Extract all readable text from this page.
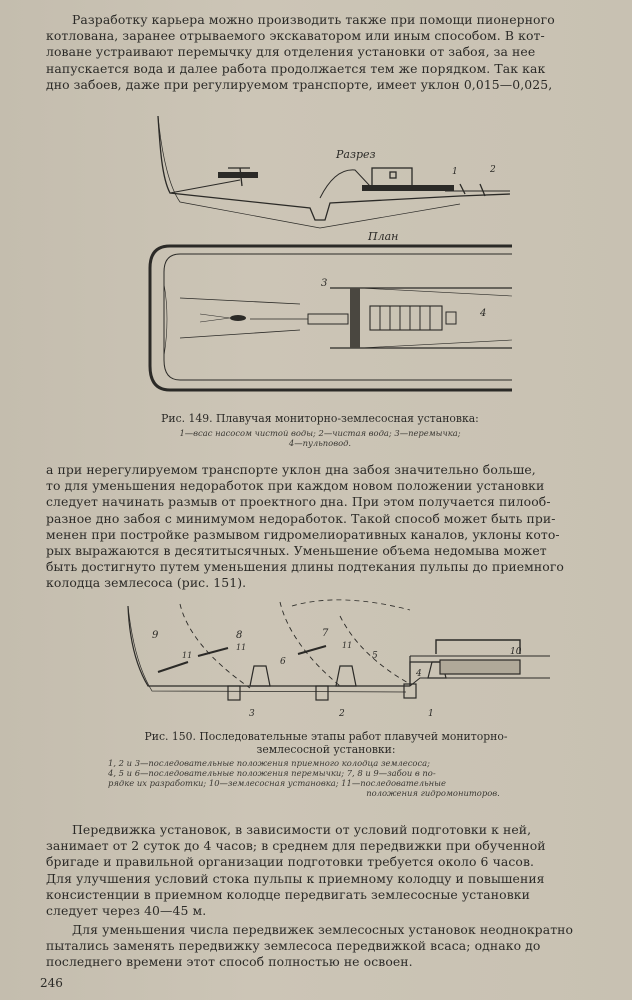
Разработку карьера можно производить также при помощи пионерного
котлована, заранее отрываемого экскаватором или иным способом. В кот-
ловане устраивают перемычку для отделения установки от забоя, за нее
напускается вода и далее работа продолжается тем же порядком. Так как
дно забоев, даже при регулируемом транспорте, имеет уклон 0,015—0,025,

Разрез
1	2
План
3
4

Рис. 149. Плавучая мониторно-землесосная установка:

1—всас насосом чистой воды; 2—чистая вода; 3—перемычка;
4—пульповод.

а при нерегулируемом транспорте уклон дна забоя значительно больше,
то для уменьшения недоработок при каждом новом положении установки
следует начинать размыв от проектного дна. При этом получается пилооб-
разное дно забоя с минимумом недоработок. Такой способ может быть при-
менен при постройке размывом гидромелиоративных каналов, уклоны кото-
рых выражаются в десятитысячных. Уменьшение объема недомыва может
быть достигнуто путем уменьшения длины подтекания пульпы до приемного
колодца землесоса (рис. 151).

9	8	7
11
11	11
6
5
4
10
3	2	1

Рис. 150. Последовательные этапы работ плавучей мониторно-
землесосной установки:

1, 2 и 3—последовательные положения приемного колодца землесоса;
4, 5 и 6—последовательные положения перемычки; 7, 8 и 9—забои в по-
рядке их разработки; 10—землесосная установка; 11—последовательные
положения гидромониторов.

Передвижка установок, в зависимости от условий подготовки к ней,
занимает от 2 суток до 4 часов; в среднем для передвижки при обученной
бригаде и правильной организации подготовки требуется около 6 часов.
Для улучшения условий стока пульпы к приемному колодцу и повышения
консистенции в приемном колодце передвигать землесосные установки
следует через 40—45 м.

Для уменьшения числа передвижек землесосных установок неоднократно
пытались заменять передвижку землесоса передвижкой всаса; однако до
последнего времени этот способ полностью не освоен.

246
